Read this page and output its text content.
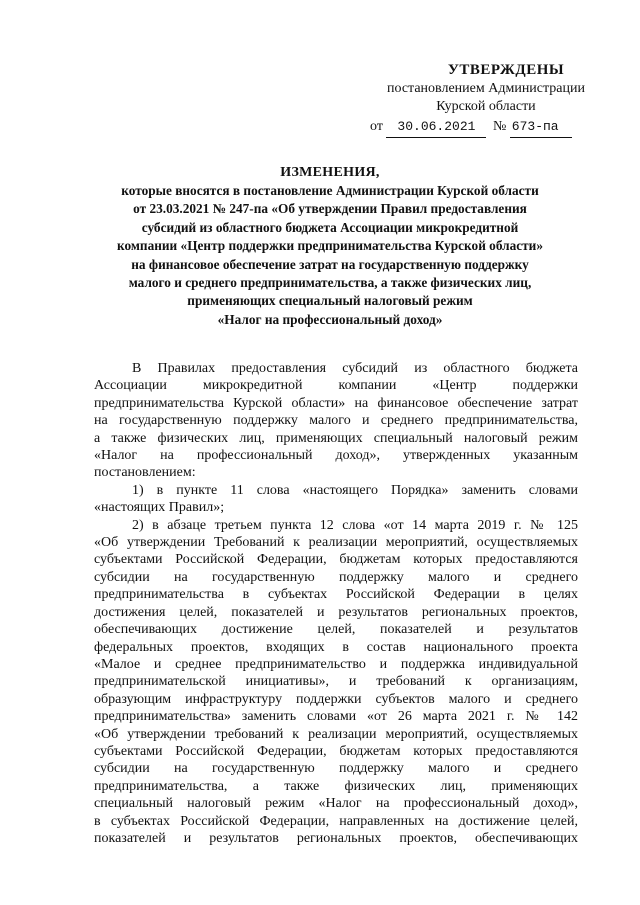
УТВЕРЖДЕНЫ
постановлением Администрации
Курской области
от 30.06.2021 № 673-па
ИЗМЕНЕНИЯ,
которые вносятся в постановление Администрации Курской области
от 23.03.2021 № 247-па «Об утверждении Правил предоставления
субсидий из областного бюджета Ассоциации микрокредитной
компании «Центр поддержки предпринимательства Курской области»
на финансовое обеспечение затрат на государственную поддержку
малого и среднего предпринимательства, а также физических лиц,
применяющих специальный налоговый режим
«Налог на профессиональный доход»

В Правилах предоставления субсидий из областного бюджета

Ассоциации микрокредитной компании «Центр поддержки

предпринимательства Курской области» на финансовое обеспечение затрат

на государственную поддержку малого и среднего предпринимательства,

а также физических лиц, применяющих специальный налоговый режим

«Налог на профессиональный доход», утвержденных указанным

постановлением:

1) в пункте 11 слова «настоящего Порядка» заменить словами

«настоящих Правил»;

2) в абзаце третьем пункта 12 слова «от 14 марта 2019 г. № 125

«Об утверждении Требований к реализации мероприятий, осуществляемых

субъектами Российской Федерации, бюджетам которых предоставляются

субсидии на государственную поддержку малого и среднего

предпринимательства в субъектах Российской Федерации в целях

достижения целей, показателей и результатов региональных проектов,

обеспечивающих достижение целей, показателей и результатов

федеральных проектов, входящих в состав национального проекта

«Малое и среднее предпринимательство и поддержка индивидуальной

предпринимательской инициативы», и требований к организациям,

образующим инфраструктуру поддержки субъектов малого и среднего

предпринимательства» заменить словами «от 26 марта 2021 г. № 142

«Об утверждении требований к реализации мероприятий, осуществляемых

субъектами Российской Федерации, бюджетам которых предоставляются

субсидии на государственную поддержку малого и среднего

предпринимательства, а также физических лиц, применяющих

специальный налоговый режим «Налог на профессиональный доход»,

в субъектах Российской Федерации, направленных на достижение целей,

показателей и результатов региональных проектов, обеспечивающих
